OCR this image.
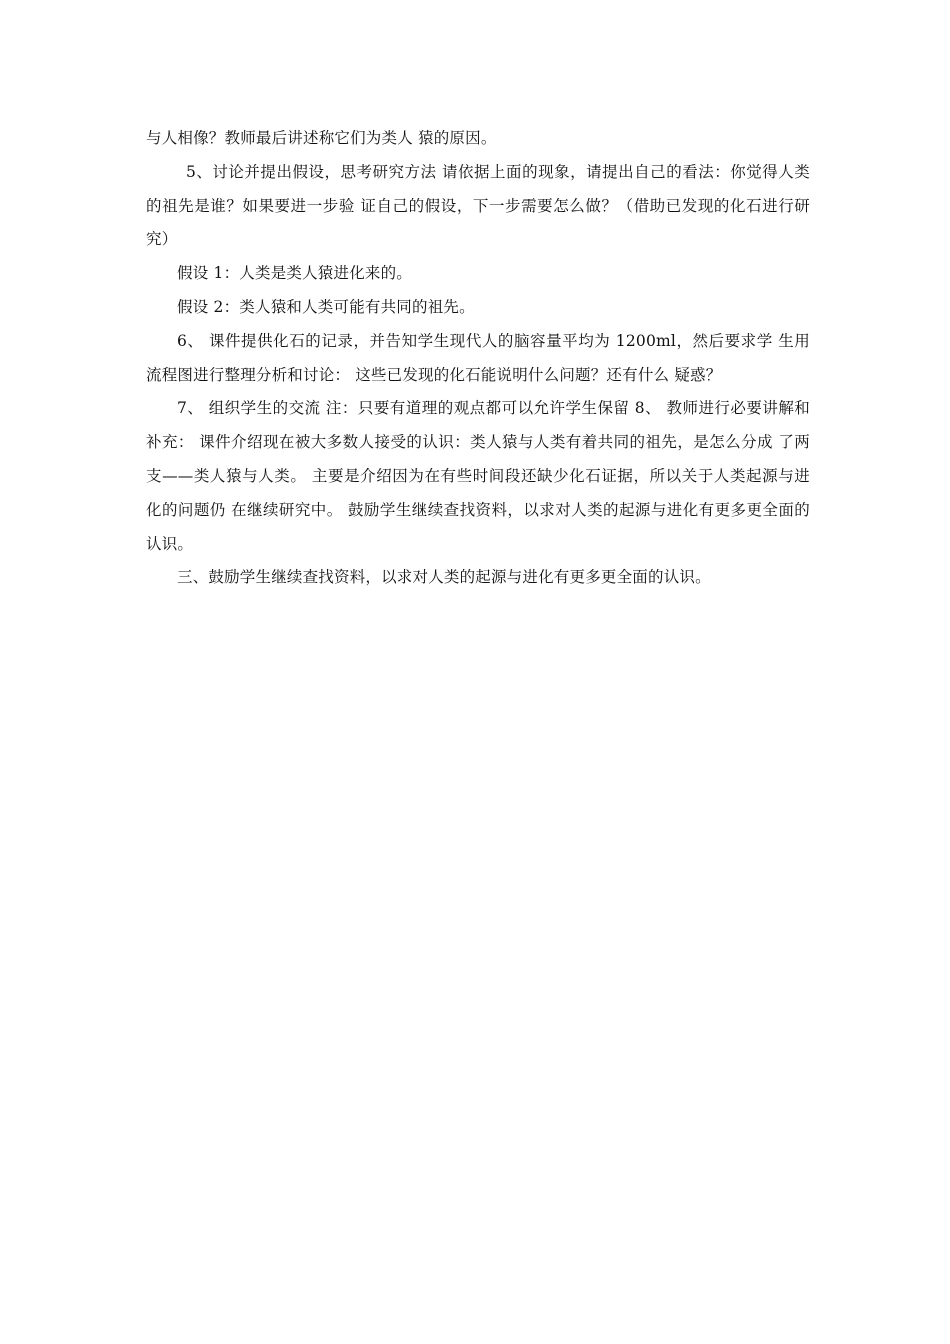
与人相像？教师最后讲述称它们为类人 猿的原因。

5、讨论并提出假设，思考研究方法 请依据上面的现象，请提出自己的看法：你觉得人类的祖先是谁？如果要进一步验 证自己的假设，下一步需要怎么做？（借助已发现的化石进行研究）

假设 1：人类是类人猿进化来的。

假设 2：类人猿和人类可能有共同的祖先。

6、 课件提供化石的记录，并告知学生现代人的脑容量平均为 1200ml，然后要求学 生用流程图进行整理分析和讨论： 这些已发现的化石能说明什么问题？还有什么 疑惑？

7、 组织学生的交流 注：只要有道理的观点都可以允许学生保留 8、 教师进行必要讲解和补充： 课件介绍现在被大多数人接受的认识：类人猿与人类有着共同的祖先，是怎么分成 了两支——类人猿与人类。 主要是介绍因为在有些时间段还缺少化石证据，所以关于人类起源与进化的问题仍 在继续研究中。 鼓励学生继续查找资料，以求对人类的起源与进化有更多更全面的认识。

三、鼓励学生继续查找资料，以求对人类的起源与进化有更多更全面的认识。
